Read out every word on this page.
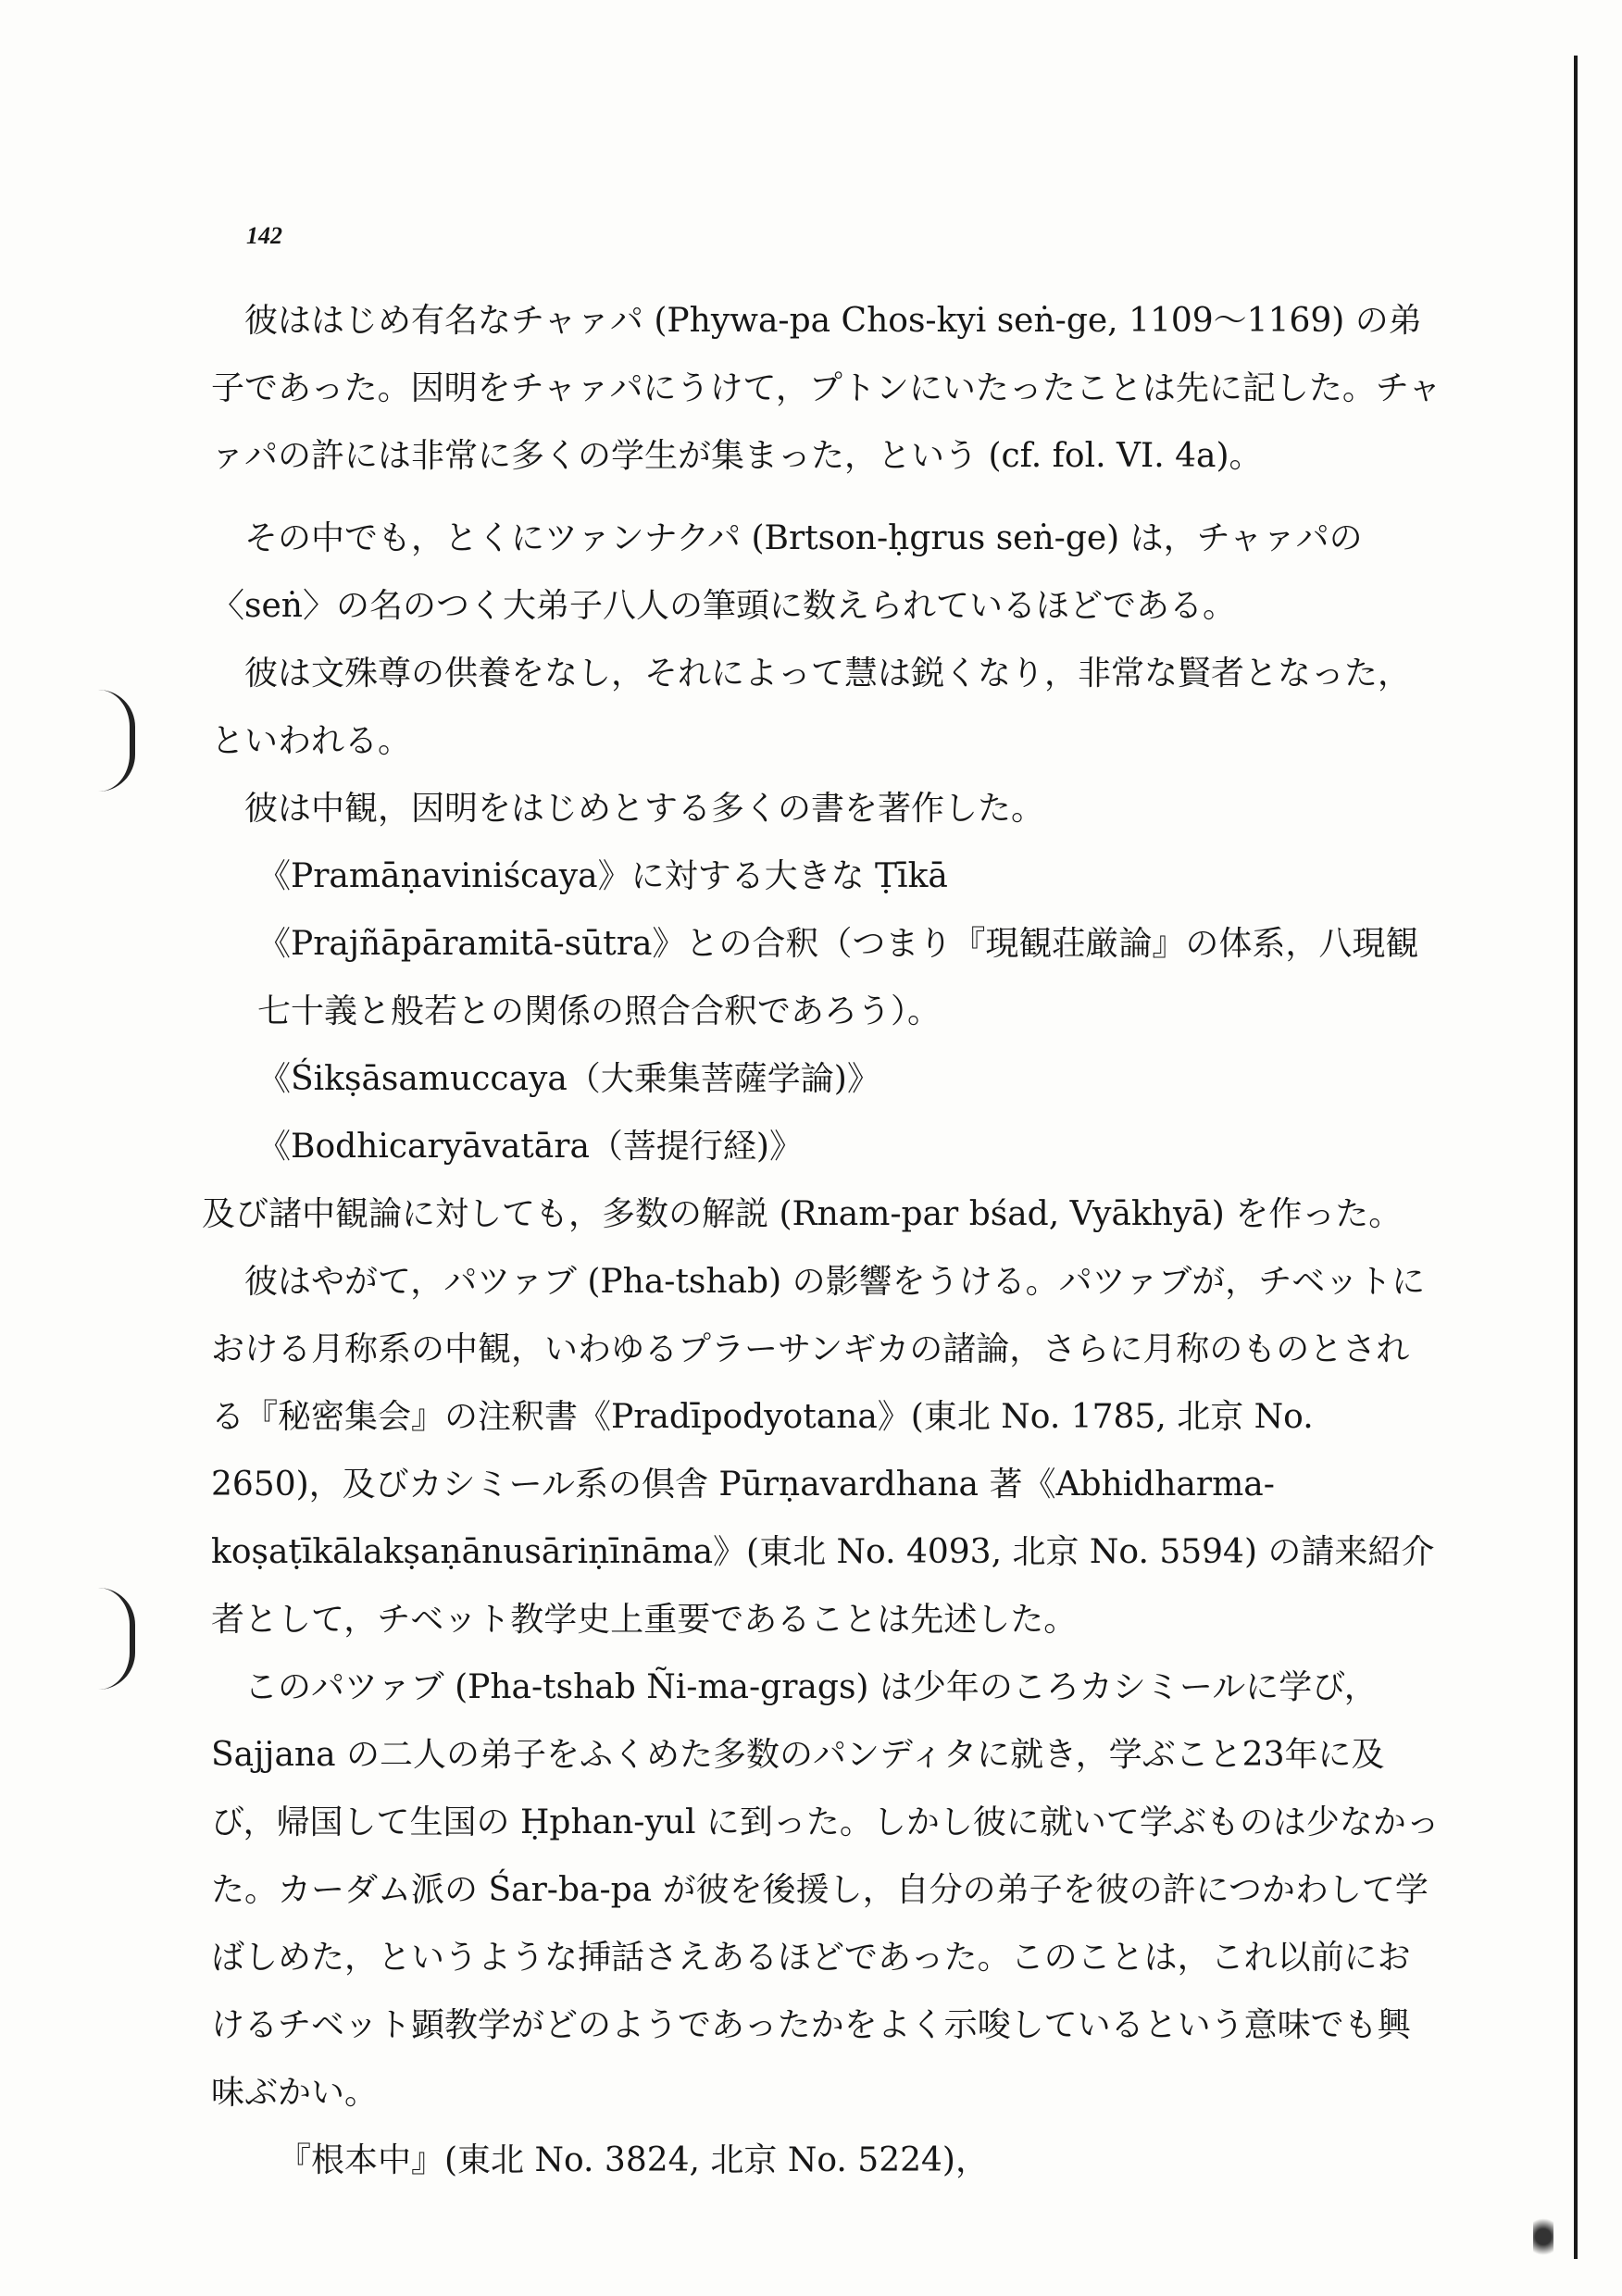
142

彼ははじめ有名なチャァパ (Phywa-pa Chos-kyi seṅ-ge, 1109〜1169) の弟子であった。因明をチャァパにうけて，プトンにいたったことは先に記した。チャァパの許には非常に多くの学生が集まった，という (cf. fol. VI. 4a)。

その中でも，とくにツァンナクパ (Brtson-ḥgrus seṅ-ge) は，チャァパの〈seṅ〉の名のつく大弟子八人の筆頭に数えられているほどである。

彼は文殊尊の供養をなし，それによって慧は鋭くなり，非常な賢者となった，といわれる。

彼は中観，因明をはじめとする多くの書を著作した。

《Pramāṇaviniścaya》に対する大きな Ṭīkā

《Prajñāpāramitā-sūtra》との合釈（つまり『現観荘厳論』の体系，八現観七十義と般若との関係の照合合釈であろう）。

《Śikṣāsamuccaya（大乗集菩薩学論)》

《Bodhicaryāvatāra（菩提行経)》

及び諸中観論に対しても，多数の解説 (Rnam-par bśad, Vyākhyā) を作った。

彼はやがて，パツァブ (Pha-tshab) の影響をうける。パツァブが，チベットにおける月称系の中観，いわゆるプラーサンギカの諸論，さらに月称のものとされる『秘密集会』の注釈書《Pradīpodyotana》(東北 No. 1785, 北京 No. 2650)，及びカシミール系の倶舎 Pūrṇavardhana 著《Abhidharma-koṣaṭīkālakṣaṇānusāriṇīnāma》(東北 No. 4093, 北京 No. 5594) の請来紹介者として，チベット教学史上重要であることは先述した。

このパツァブ (Pha-tshab Ñi-ma-grags) は少年のころカシミールに学び，Sajjana の二人の弟子をふくめた多数のパンディタに就き，学ぶこと23年に及び，帰国して生国の Ḥphan-yul に到った。しかし彼に就いて学ぶものは少なかった。カーダム派の Śar-ba-pa が彼を後援し，自分の弟子を彼の許につかわして学ばしめた，というような挿話さえあるほどであった。このことは，これ以前におけるチベット顕教学がどのようであったかをよく示唆しているという意味でも興味ぶかい。

『根本中』(東北 No. 3824, 北京 No. 5224)，
